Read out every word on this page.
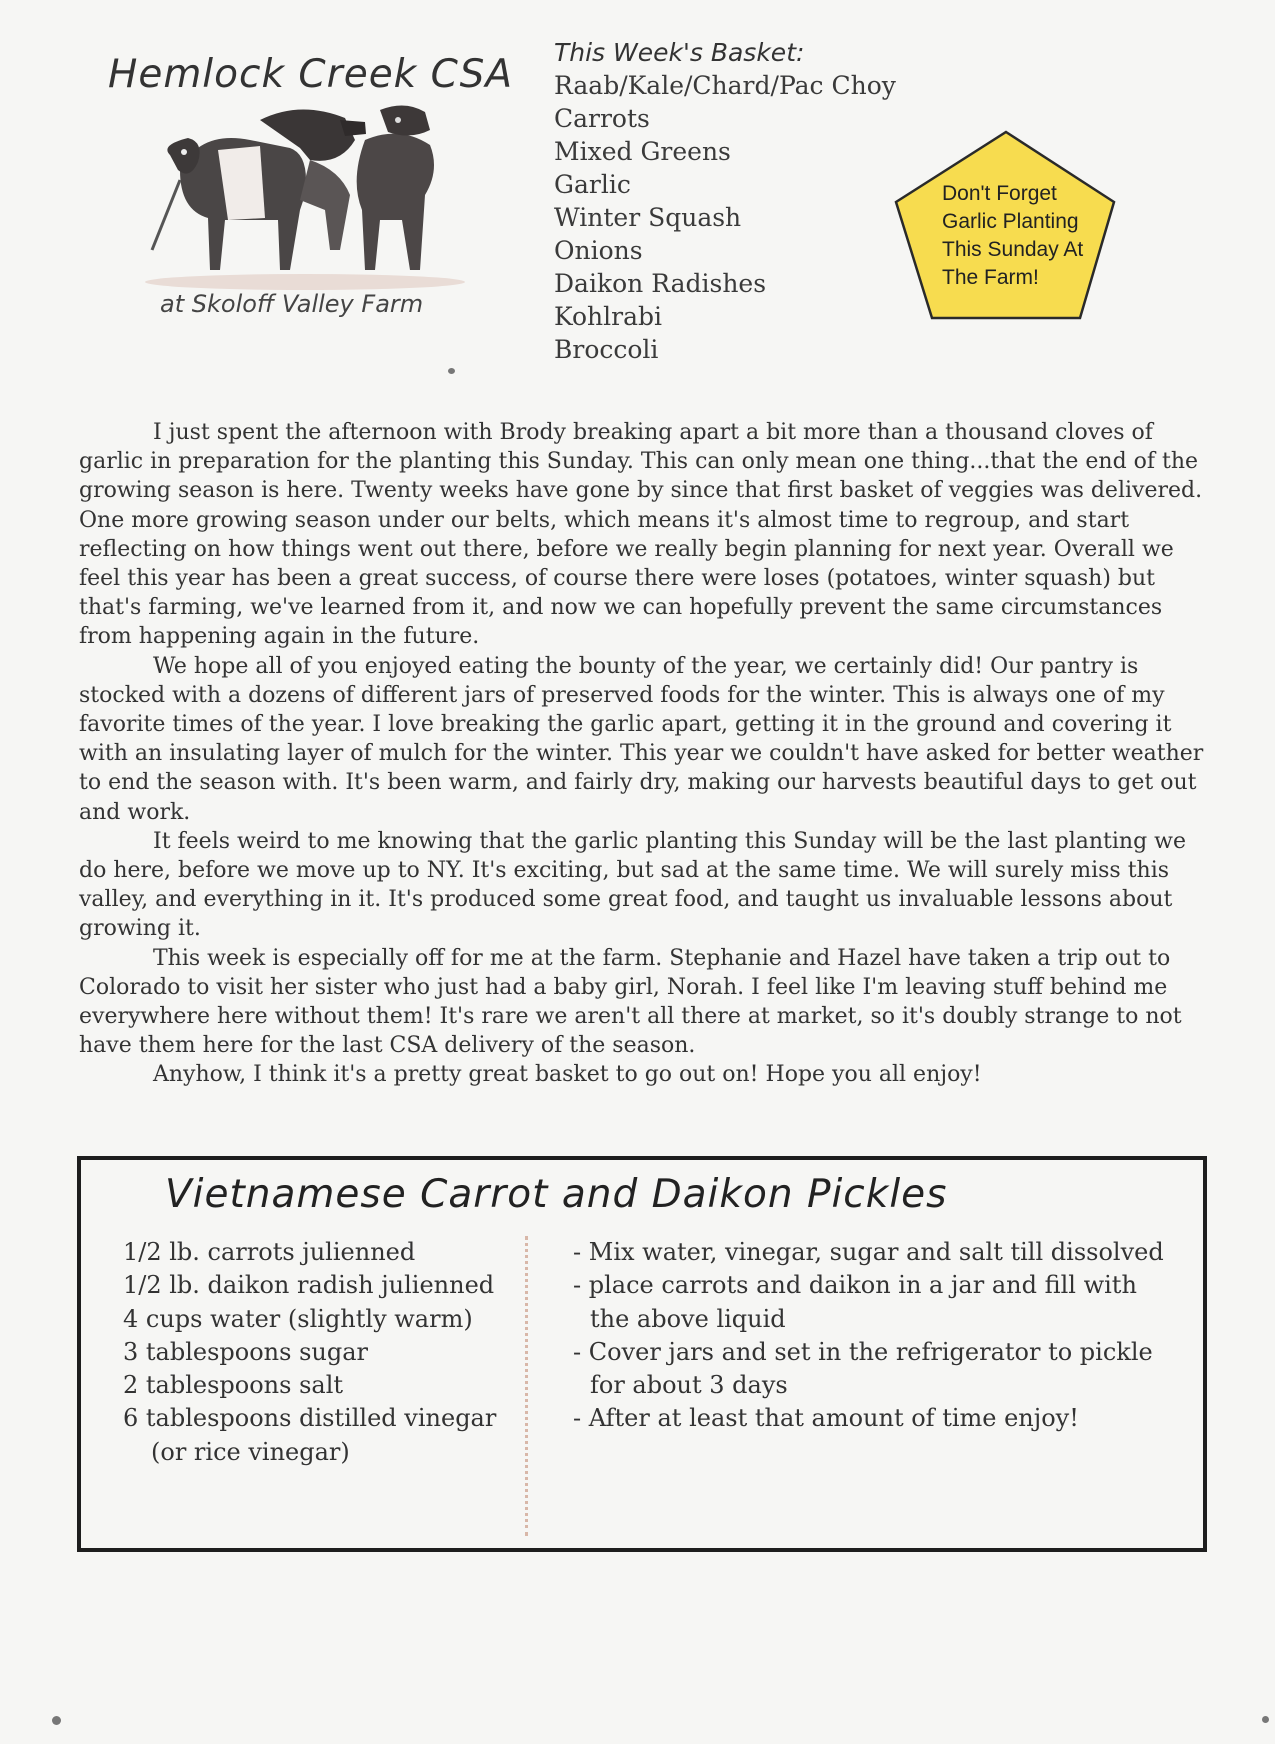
Hemlock Creek CSA
at Skoloff Valley Farm
This Week's Basket:
Raab/Kale/Chard/Pac Choy
Carrots
Mixed Greens
Garlic
Winter Squash
Onions
Daikon Radishes
Kohlrabi
Broccoli
Don't Forget
Garlic Planting
This Sunday At
The Farm!

I just spent the afternoon with Brody breaking apart a bit more than a thousand cloves of garlic in preparation for the planting this Sunday. This can only mean one thing...that the end of the growing season is here. Twenty weeks have gone by since that first basket of veggies was delivered. One more growing season under our belts, which means it's almost time to regroup, and start reflecting on how things went out there, before we really begin planning for next year. Overall we feel this year has been a great success, of course there were loses (potatoes, winter squash) but that's farming, we've learned from it, and now we can hopefully prevent the same circumstances from happening again in the future.

We hope all of you enjoyed eating the bounty of the year, we certainly did! Our pantry is stocked with a dozens of different jars of preserved foods for the winter. This is always one of my favorite times of the year. I love breaking the garlic apart, getting it in the ground and covering it with an insulating layer of mulch for the winter. This year we couldn't have asked for better weather to end the season with. It's been warm, and fairly dry, making our harvests beautiful days to get out and work.

It feels weird to me knowing that the garlic planting this Sunday will be the last planting we do here, before we move up to NY. It's exciting, but sad at the same time. We will surely miss this valley, and everything in it. It's produced some great food, and taught us invaluable lessons about growing it.

This week is especially off for me at the farm. Stephanie and Hazel have taken a trip out to Colorado to visit her sister who just had a baby girl, Norah. I feel like I'm leaving stuff behind me everywhere here without them! It's rare we aren't all there at market, so it's doubly strange to not have them here for the last CSA delivery of the season.

Anyhow, I think it's a pretty great basket to go out on! Hope you all enjoy!

Vietnamese Carrot and Daikon Pickles
1/2 lb. carrots julienned
1/2 lb. daikon radish julienned
4 cups water (slightly warm)
3 tablespoons sugar
2 tablespoons salt
6 tablespoons distilled vinegar
(or rice vinegar)
- Mix water, vinegar, sugar and salt till dissolved
- place carrots and daikon in a jar and fill with the above liquid
- Cover jars and set in the refrigerator to pickle for about 3 days
- After at least that amount of time enjoy!
